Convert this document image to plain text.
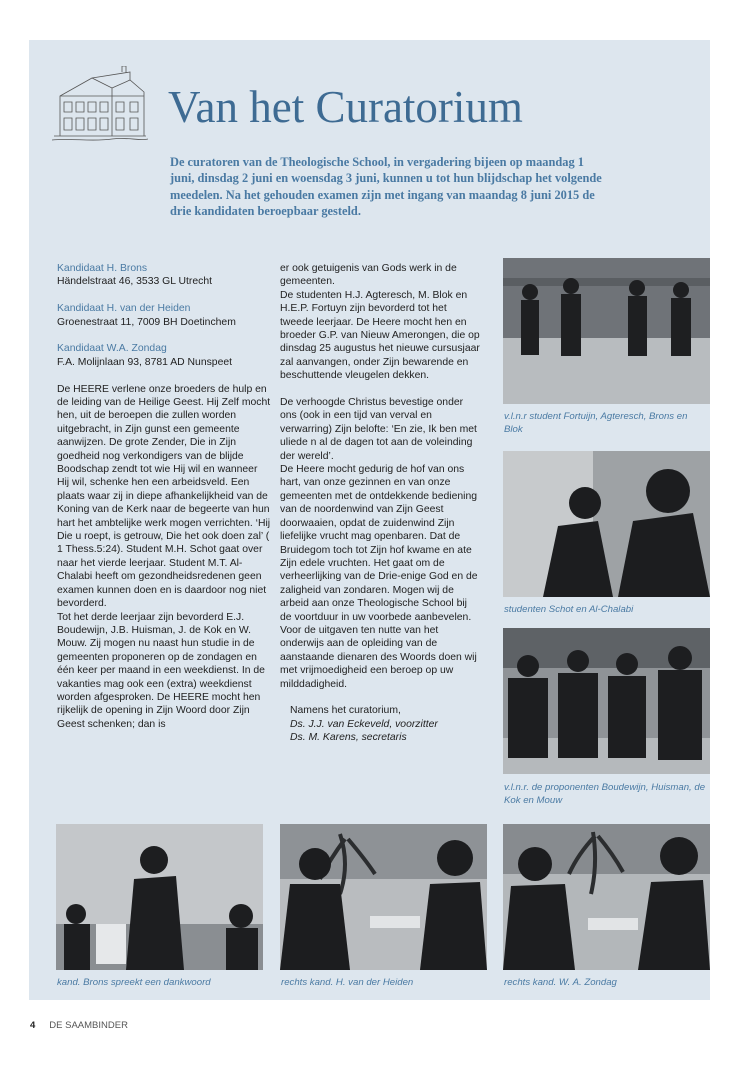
Van het Curatorium

De curatoren van de Theologische School, in vergadering bijeen op maandag 1 juni, dinsdag 2 juni en woensdag 3 juni, kunnen u tot hun blijdschap het volgende meedelen. Na het gehouden examen zijn met ingang van maandag 8 juni 2015 de drie kandidaten beroepbaar gesteld.

Kandidaat H. Brons

Händelstraat 46, 3533 GL Utrecht

Kandidaat H. van der Heiden

Groenestraat 11, 7009 BH Doetinchem

Kandidaat W.A. Zondag

F.A. Molijnlaan 93, 8781 AD Nunspeet

De HEERE verlene onze broeders de hulp en de leiding van de Heilige Geest. Hij Zelf mocht hen, uit de beroepen die zullen worden uitgebracht, in Zijn gunst een gemeente aanwijzen. De grote Zender, Die in Zijn goedheid nog verkondigers van de blijde Boodschap zendt tot wie Hij wil en wanneer Hij wil, schenke hen een arbeidsveld. Een plaats waar zij in diepe afhankelijkheid van de Koning van de Kerk naar de begeerte van hun hart het ambtelijke werk mogen verrichten. ‘Hij Die u roept, is getrouw, Die het ook doen zal’ ( 1 Thess.5:24). Student M.H. Schot gaat over naar het vierde leerjaar. Student M.T. Al-Chalabi heeft om gezondheidsredenen geen examen kunnen doen en is daardoor nog niet bevorderd.

Tot het derde leerjaar zijn bevorderd E.J. Boudewijn, J.B. Huisman, J. de Kok en W. Mouw. Zij mogen nu naast hun studie in de gemeenten proponeren op de zondagen en één keer per maand in een weekdienst. In de vakanties mag ook een (extra) weekdienst worden afgesproken. De HEERE mocht hen rijkelijk de opening in Zijn Woord door Zijn Geest schenken; dan is

er ook getuigenis van Gods werk in de gemeenten.

De studenten H.J. Agteresch, M. Blok en H.E.P. Fortuyn zijn bevorderd tot het tweede leerjaar. De Heere mocht hen en broeder G.P. van Nieuw Amerongen, die op dinsdag 25 augustus het nieuwe cursusjaar zal aanvangen, onder Zijn bewarende en beschuttende vleugelen dekken.

De verhoogde Christus bevestige onder ons (ook in een tijd van verval en verwarring) Zijn belofte: ‘En zie, Ik ben met uliede n al de dagen tot aan de voleinding der wereld’.

De Heere mocht gedurig de hof van ons hart, van onze gezinnen en van onze gemeenten met de ontdekkende bediening van de noordenwind van Zijn Geest doorwaaien, opdat de zuidenwind Zijn liefelijke vrucht mag openbaren. Dat de Bruidegom toch tot Zijn hof kwame en ate Zijn edele vruchten. Het gaat om de verheerlijking van de Drie-enige God en de zaligheid van zondaren. Mogen wij de arbeid aan onze Theologische School bij de voortduur in uw voorbede aanbevelen. Voor de uitgaven ten nutte van het onderwijs aan de opleiding van de aanstaande dienaren des Woords doen wij met vrijmoedigheid een beroep op uw milddadigheid.

Namens het curatorium,

Ds. J.J. van Eckeveld, voorzitter

Ds. M. Karens, secretaris

v.l.n.r student Fortuijn, Agteresch, Brons en Blok

studenten Schot en Al-Chalabi

v.l.n.r. de proponenten Boudewijn, Huisman, de Kok en Mouw

kand. Brons spreekt een dankwoord	rechts kand. H. van der Heiden	rechts kand. W. A. Zondag

4 DE SAAMBINDER
